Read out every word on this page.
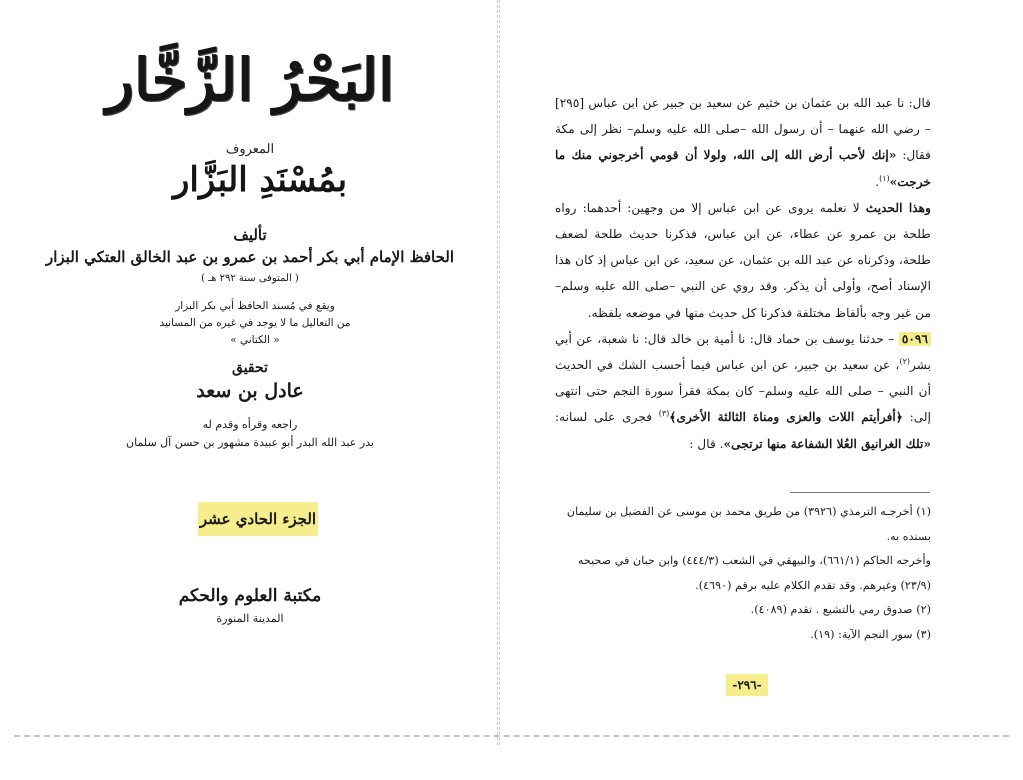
البَحْرُ الزَّخَّار
المعروف
بمُسْنَدِ البَزَّار
تأليف
الحافظ الإمام أبي بكر أحمد بن عمرو بن عبد الخالق العتكي البزار
( المتوفى سنة ٢٩٢ هـ )
ويقع في مُسند الحافظ أبي بكر البزار
من التعاليل ما لا يوجد في غيره من المسانيد
« الكتاني »
تحقيق
عادل بن سعد
راجعه وقرأه وقدم له
بدر عبد الله البدر أبو عبيدة مشهور بن حسن آل سلمان
الجزء الحادي عشر
مكتبة العلوم والحكم
المدينة المنورة

قال: نا عبد الله بن عثمان بن خثيم عن سعيد بن جبير عن ابن عباس [٢٩٥] – رضي الله عنهما – أن رسول الله –صلى الله عليه وسلم– نظر إلى مكة فقال: «إنك لأحب أرض الله إلى الله، ولولا أن قومي أخرجوني منك ما خرجت»$^{(١)}$.

وهذا الحديث لا نعلمه يروى عن ابن عباس إلا من وجهين: أحدهما: رواه طلحة بن عمرو عن عطاء، عن ابن عباس، فذكرنا حديث طلحة لضعف طلحة، وذكرناه عن عبد الله بن عثمان، عن سعيد، عن ابن عباس إذ كان هذا الإسناد أصح، وأولى أن يذكر. وقد روي عن النبي –صلى الله عليه وسلم– من غير وجه بألفاظ مختلفة فذكرنا كل حديث منها في موضعه بلفظه.

٥٠٩٦ – حدثنا يوسف بن حماد قال: نا أمية بن خالد قال: نا شعبة، عن أبي بشر$^{(٢)}$، عن سعيد بن جبير، عن ابن عباس فيما أحسب الشك في الحديث أن النبي – صلى الله عليه وسلم– كان بمكة فقرأ سورة النجم حتى انتهى إلى: ﴿أفرأيتم اللات والعزى ومناة الثالثة الأخرى﴾$^{(٣)}$ فجرى على لسانه: «تلك الغرانيق العُلا الشفاعة منها ترتجى». قال :

(١) أخرجـه الترمذي (٣٩٢٦) من طريق محمد بن موسى عن الفضيل بن سليمان بسنده به.

وأخرجه الحاكم (٦٦١/١)، والبيهقي في الشعب (٤٤٤/٣) وابن حبان في صحيحه (٢٣/٩) وغيرهم. وقد تقدم الكلام عليه برقم (٤٦٩٠).

(٢) صدوق رمي بالتشيع . تقدم (٤٠٨٩).

(٣) سور النجم الآية: (١٩).

-٢٩٦-
